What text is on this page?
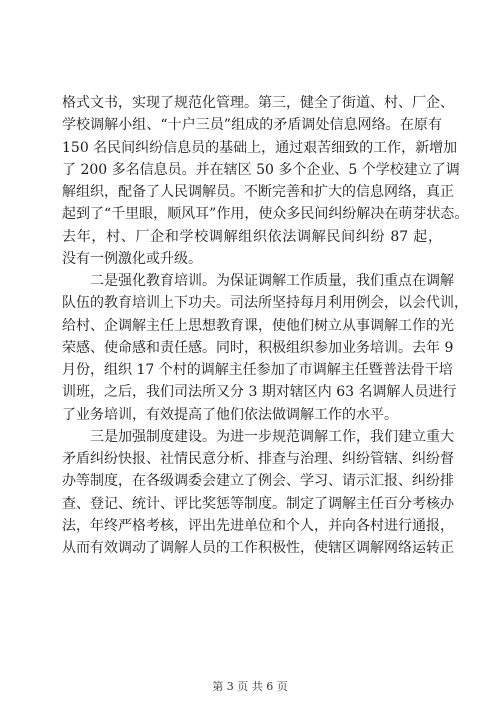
格式文书，实现了规范化管理。第三，健全了街道、村、厂企、
学校调解小组、“十户三员”组成的矛盾调处信息网络。在原有
150 名民间纠纷信息员的基础上，通过艰苦细致的工作，新增加
了 200 多名信息员。并在辖区 50 多个企业、5 个学校建立了调
解组织，配备了人民调解员。不断完善和扩大的信息网络，真正
起到了“千里眼，顺风耳”作用，使众多民间纠纷解决在萌芽状态。
去年，村、厂企和学校调解组织依法调解民间纠纷 87 起，
没有一例激化或升级。
二是强化教育培训。为保证调解工作质量，我们重点在调解
队伍的教育培训上下功夫。司法所坚持每月利用例会，以会代训，
给村、企调解主任上思想教育课，使他们树立从事调解工作的光
荣感、使命感和责任感。同时，积极组织参加业务培训。去年 9
月份，组织 17 个村的调解主任参加了市调解主任暨普法骨干培
训班，之后，我们司法所又分 3 期对辖区内 63 名调解人员进行
了业务培训，有效提高了他们依法做调解工作的水平。
三是加强制度建设。为进一步规范调解工作，我们建立重大
矛盾纠纷快报、社情民意分析、排查与治理、纠纷管辖、纠纷督
办等制度，在各级调委会建立了例会、学习、请示汇报、纠纷排
查、登记、统计、评比奖惩等制度。制定了调解主任百分考核办
法，年终严格考核，评出先进单位和个人，并向各村进行通报，
从而有效调动了调解人员的工作积极性，使辖区调解网络运转正
第 3 页 共 6 页
